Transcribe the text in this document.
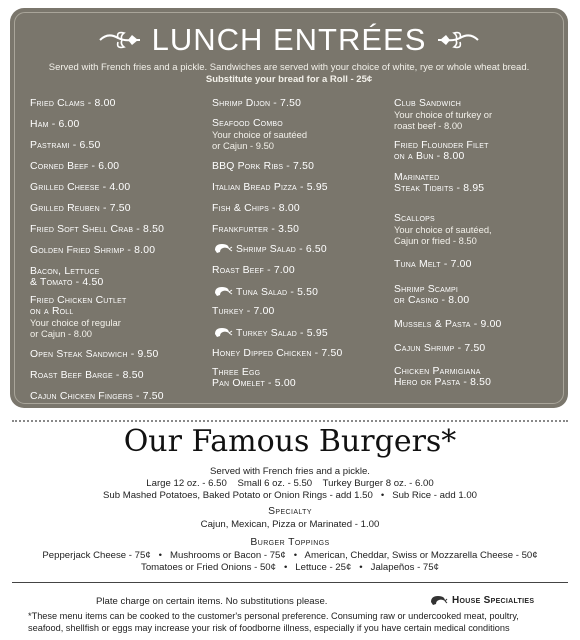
LUNCH ENTRÉES
Served with French fries and a pickle. Sandwiches are served with your choice of white, rye or whole wheat bread.
Substitute your bread for a Roll - 25¢
Fried Clams - 8.00
Ham - 6.00
Pastrami - 6.50
Corned Beef - 6.00
Grilled Cheese - 4.00
Grilled Reuben - 7.50
Fried Soft Shell Crab - 8.50
Golden Fried Shrimp - 8.00
Bacon, Lettuce
& Tomato - 4.50
Fried Chicken Cutlet
on a Roll
Your choice of regular
or Cajun - 8.00
Open Steak Sandwich - 9.50
Roast Beef Barge - 8.50
Cajun Chicken Fingers - 7.50
Shrimp Dijon - 7.50
Seafood Combo
Your choice of sautéed
or Cajun - 9.50
BBQ Pork Ribs - 7.50
Italian Bread Pizza - 5.95
Fish & Chips - 8.00
Frankfurter - 3.50
Shrimp Salad - 6.50
Roast Beef - 7.00
Tuna Salad - 5.50
Turkey - 7.00
Turkey Salad - 5.95
Honey Dipped Chicken - 7.50
Three Egg
Pan Omelet - 5.00
Club Sandwich
Your choice of turkey or
roast beef - 8.00
Fried Flounder Filet
on a Bun - 8.00
Marinated
Steak Tidbits - 8.95
Scallops
Your choice of sautéed,
Cajun or fried - 8.50
Tuna Melt - 7.00
Shrimp Scampi
or Casino - 8.00
Mussels & Pasta - 9.00
Cajun Shrimp - 7.50
Chicken Parmigiana
Hero or Pasta - 8.50
Our Famous Burgers*
Served with French fries and a pickle.
Large 12 oz. - 6.50    Small 6 oz. - 5.50    Turkey Burger 8 oz. - 6.00
Sub Mashed Potatoes, Baked Potato or Onion Rings - add 1.50   •   Sub Rice - add 1.00
Specialty
Cajun, Mexican, Pizza or Marinated - 1.00
Burger Toppings
Pepperjack Cheese - 75¢   •   Mushrooms or Bacon - 75¢   •   American, Cheddar, Swiss or Mozzarella Cheese - 50¢
Tomatoes or Fried Onions - 50¢   •   Lettuce - 25¢   •   Jalapeños - 75¢
Plate charge on certain items. No substitutions please.	House Specialties
*These menu items can be cooked to the customer's personal preference. Consuming raw or undercooked meat, poultry,
seafood, shellfish or eggs may increase your risk of foodborne illness, especially if you have certain medical conditions
